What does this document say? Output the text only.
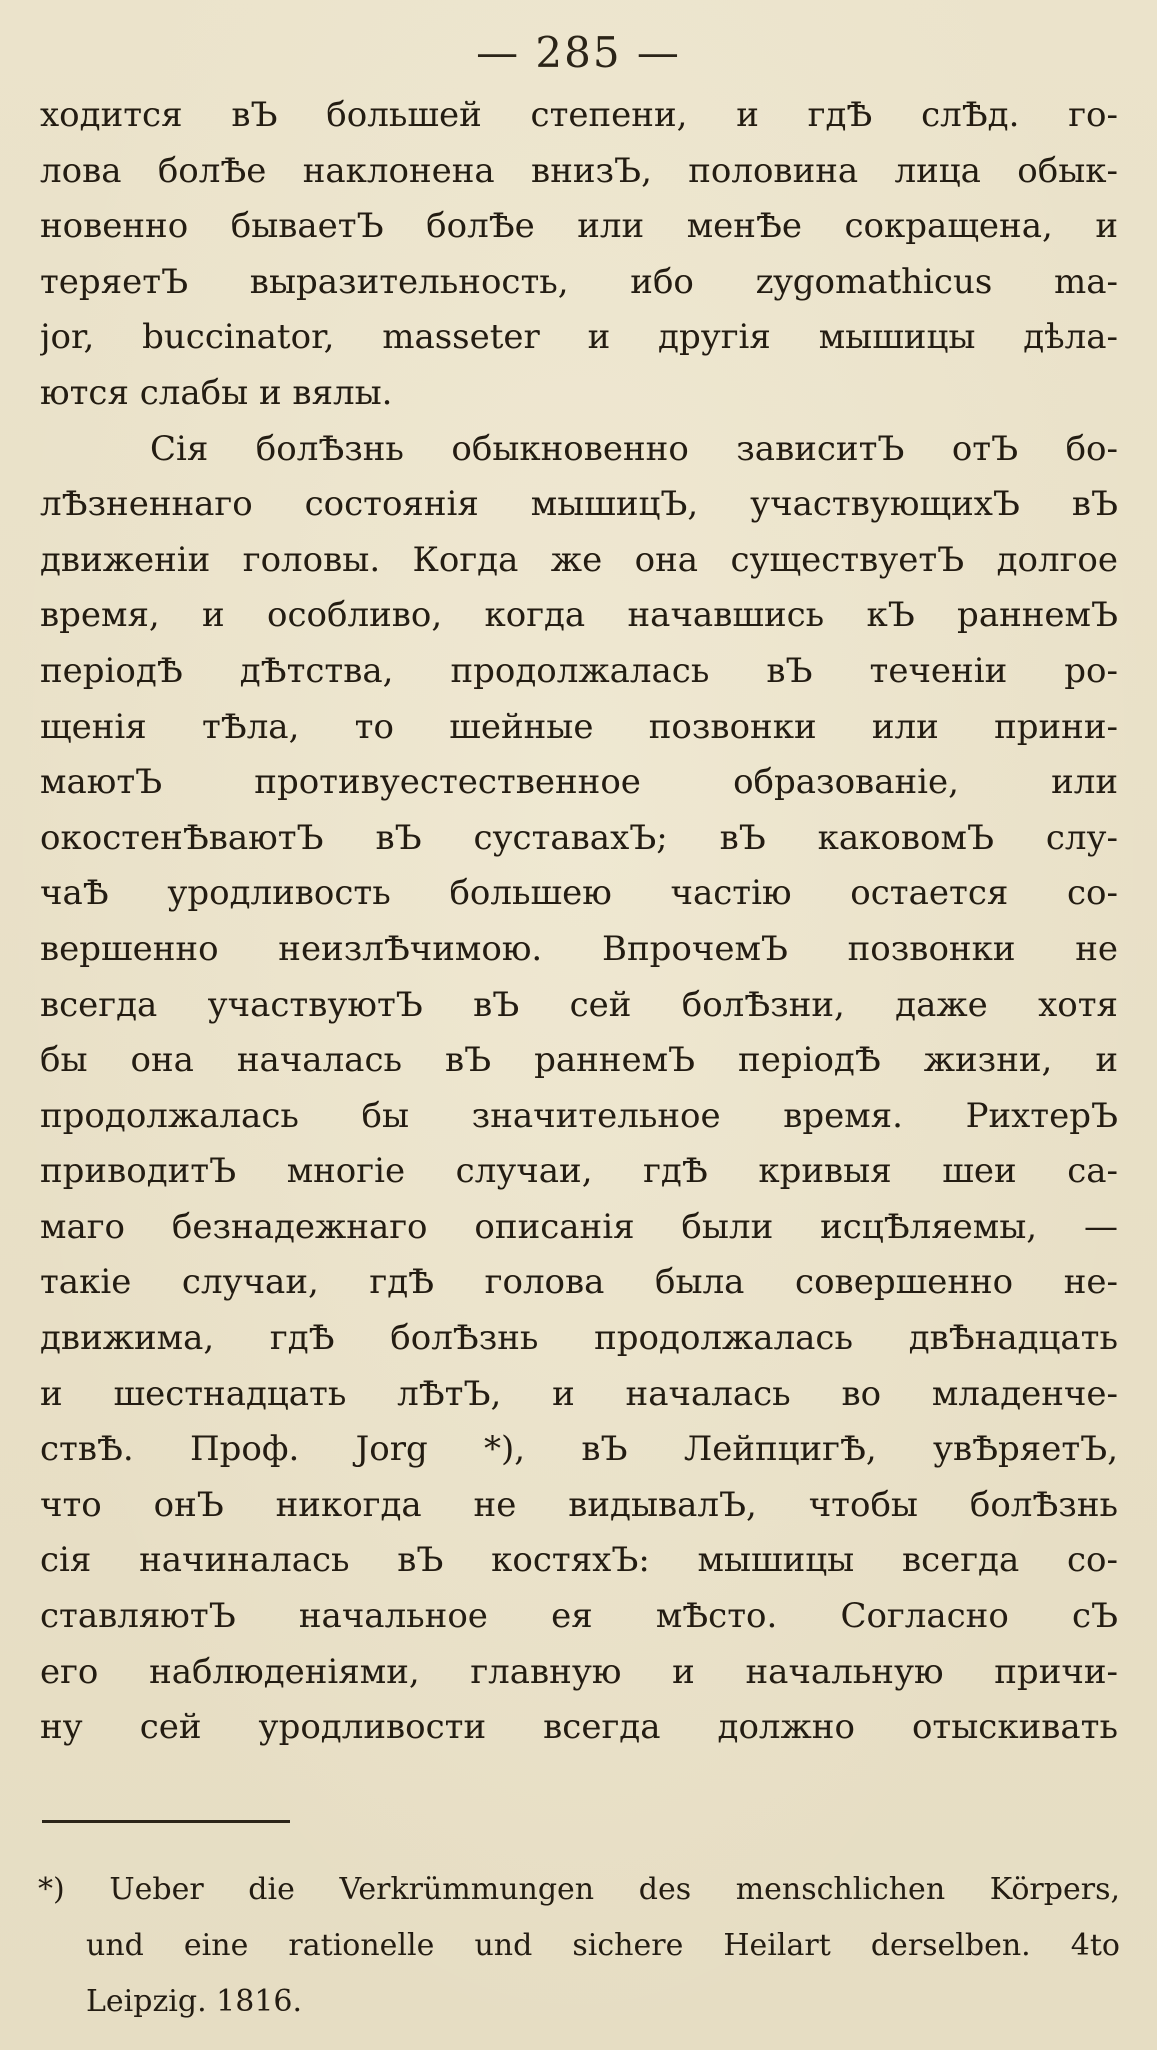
— 285 —
ходится вЪ большей степени, и гдѢ слѢд. го-
лова болѢе наклонена внизЪ, половина лица обык-
новенно бываетЪ болѢе или менѢе сокращена, и
теряетЪ выразительность, ибо zygomathicus ma-
jor, buccinator, masseter и другія мышицы дѣла-
ются слабы и вялы.
Сія болѢзнь обыкновенно зависитЪ отЪ бо-
лѢзненнаго состоянія мышицЪ, участвующихЪ вЪ
движеніи головы. Когда же она существуетЪ долгое
время, и особливо, когда начавшись кЪ раннемЪ
періодѢ дѢтства, продолжалась вЪ теченіи ро-
щенія тѢла, то шейные позвонки или прини-
маютЪ противуестественное образованіе, или
окостенѢваютЪ вЪ суставахЪ; вЪ каковомЪ слу-
чаѢ уродливость большею частію остается со-
вершенно неизлѢчимою. ВпрочемЪ позвонки не
всегда участвуютЪ вЪ сей болѢзни, даже хотя
бы она началась вЪ раннемЪ періодѢ жизни, и
продолжалась бы значительное время. РихтерЪ
приводитЪ многіе случаи, гдѢ кривыя шеи са-
маго безнадежнаго описанія были исцѢляемы, —
такіе случаи, гдѢ голова была совершенно не-
движима, гдѢ болѢзнь продолжалась двѢнадцать
и шестнадцать лѢтЪ, и началась во младенче-
ствѢ. Проф. Jorg *), вЪ ЛейпцигѢ, увѢряетЪ,
что онЪ никогда не видывалЪ, чтобы болѢзнь
сія начиналась вЪ костяхЪ: мышицы всегда со-
ставляютЪ начальное ея мѢсто. Согласно сЪ
его наблюденіями, главную и начальную причи-
ну сей уродливости всегда должно отыскивать
*) Ueber die Verkrümmungen des menschlichen Körpers,
und eine rationelle und sichere Heilart derselben. 4to
Leipzig. 1816.
